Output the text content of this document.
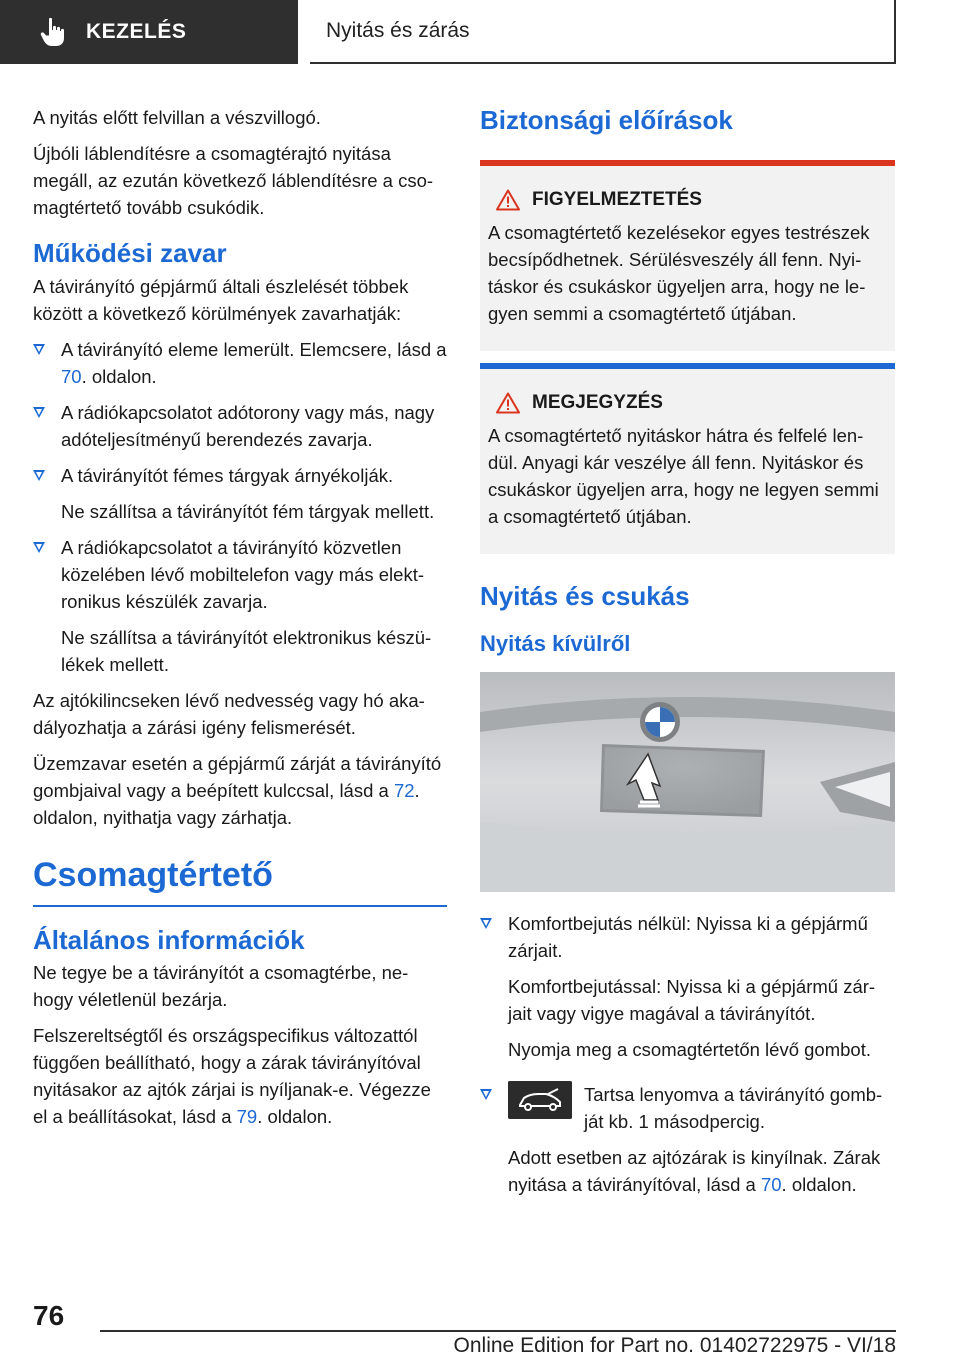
KEZELÉS	Nyitás és zárás

A nyitás előtt felvillan a vészvillogó.

Újbóli láblendítésre a csomagtérajtó nyitása megáll, az ezután következő láblendítésre a cso-magtértető tovább csukódik.

Működési zavar

A távirányító gépjármű általi észlelését többek között a következő körülmények zavarhatják:

A távirányító eleme lemerült. Elemcsere, lásd a 70. oldalon.
A rádiókapcsolatot adótorony vagy más, nagy adóteljesítményű berendezés zavarja.
A távirányítót fémes tárgyak árnyékolják.
Ne szállítsa a távirányítót fém tárgyak mellett.
A rádiókapcsolatot a távirányító közvetlen közelében lévő mobiltelefon vagy más elekt-ronikus készülék zavarja.
Ne szállítsa a távirányítót elektronikus készü-lékek mellett.

Az ajtókilincseken lévő nedvesség vagy hó aka-dályozhatja a zárási igény felismerését.

Üzemzavar esetén a gépjármű zárját a távirányító gombjaival vagy a beépített kulccsal, lásd a 72. oldalon, nyithatja vagy zárhatja.

Csomagtértető
Általános információk

Ne tegye be a távirányítót a csomagtérbe, ne-hogy véletlenül bezárja.

Felszereltségtől és országspecifikus változattól függően beállítható, hogy a zárak távirányítóval nyitásakor az ajtók zárjai is nyíljanak-e. Végezze el a beállításokat, lásd a 79. oldalon.

Biztonsági előírások
FIGYELMEZTETÉS
A csomagtértető kezelésekor egyes testrészek becsípődhetnek. Sérülésveszély áll fenn. Nyi-táskor és csukáskor ügyeljen arra, hogy ne le-gyen semmi a csomagtértető útjában.
MEGJEGYZÉS
A csomagtértető nyitáskor hátra és felfelé len-dül. Anyagi kár veszélye áll fenn. Nyitáskor és csukáskor ügyeljen arra, hogy ne legyen semmi a csomagtértető útjában.
Nyitás és csukás
Nyitás kívülről
Komfortbejutás nélkül: Nyissa ki a gépjármű zárjait.
Komfortbejutással: Nyissa ki a gépjármű zár-jait vagy vigye magával a távirányítót.
Nyomja meg a csomagtértetőn lévő gombot.
Tartsa lenyomva a távirányító gomb-ját kb. 1 másodpercig.
Adott esetben az ajtózárak is kinyílnak. Zárak nyitása a távirányítóval, lásd a 70. oldalon.
76
Online Edition for Part no. 01402722975 - VI/18
